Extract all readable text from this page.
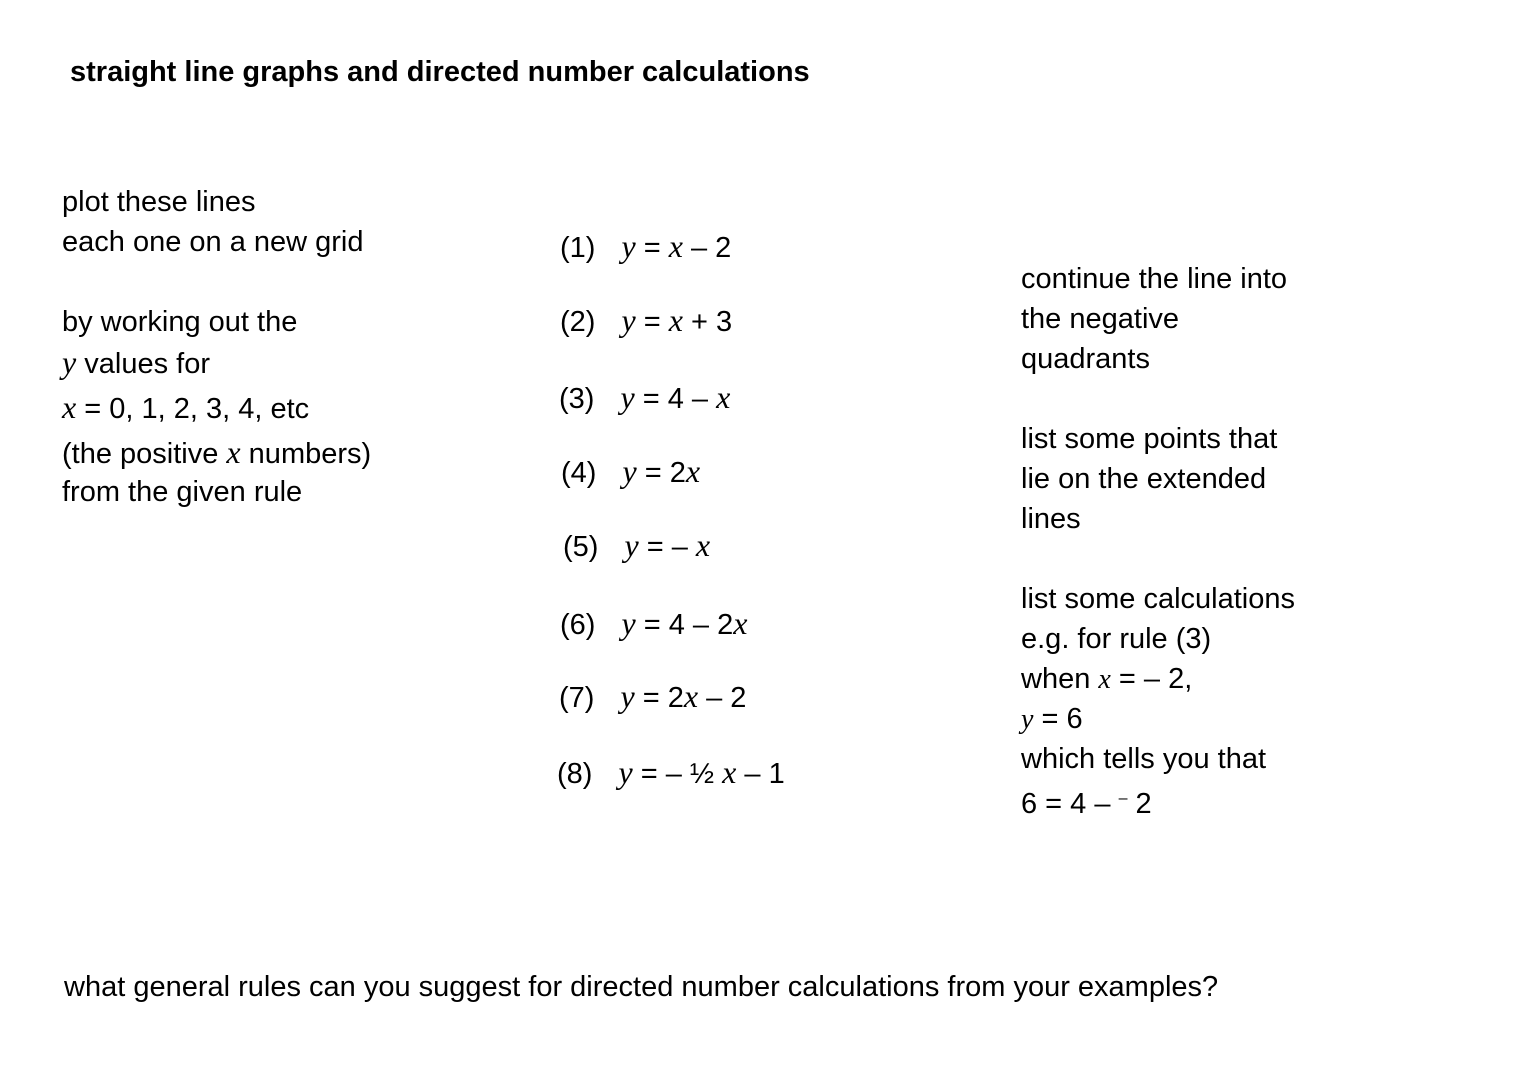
straight line graphs and directed number calculations
plot these lines
each one on a new grid
by working out the
y values for
x = 0, 1, 2, 3, 4, etc
(the positive x numbers)
from the given rule
(1) y = x – 2
(2) y = x + 3
(3) y = 4 – x
(4) y = 2x
(5) y = – x
(6) y = 4 – 2x
(7) y = 2x – 2
(8) y = – ½ x – 1
continue the line into
the negative
quadrants
list some points that
lie on the extended
lines
list some calculations
e.g. for rule (3)
when x = – 2,
y = 6
which tells you that
6 = 4 – – 2
what general rules can you suggest for directed number calculations from your examples?
